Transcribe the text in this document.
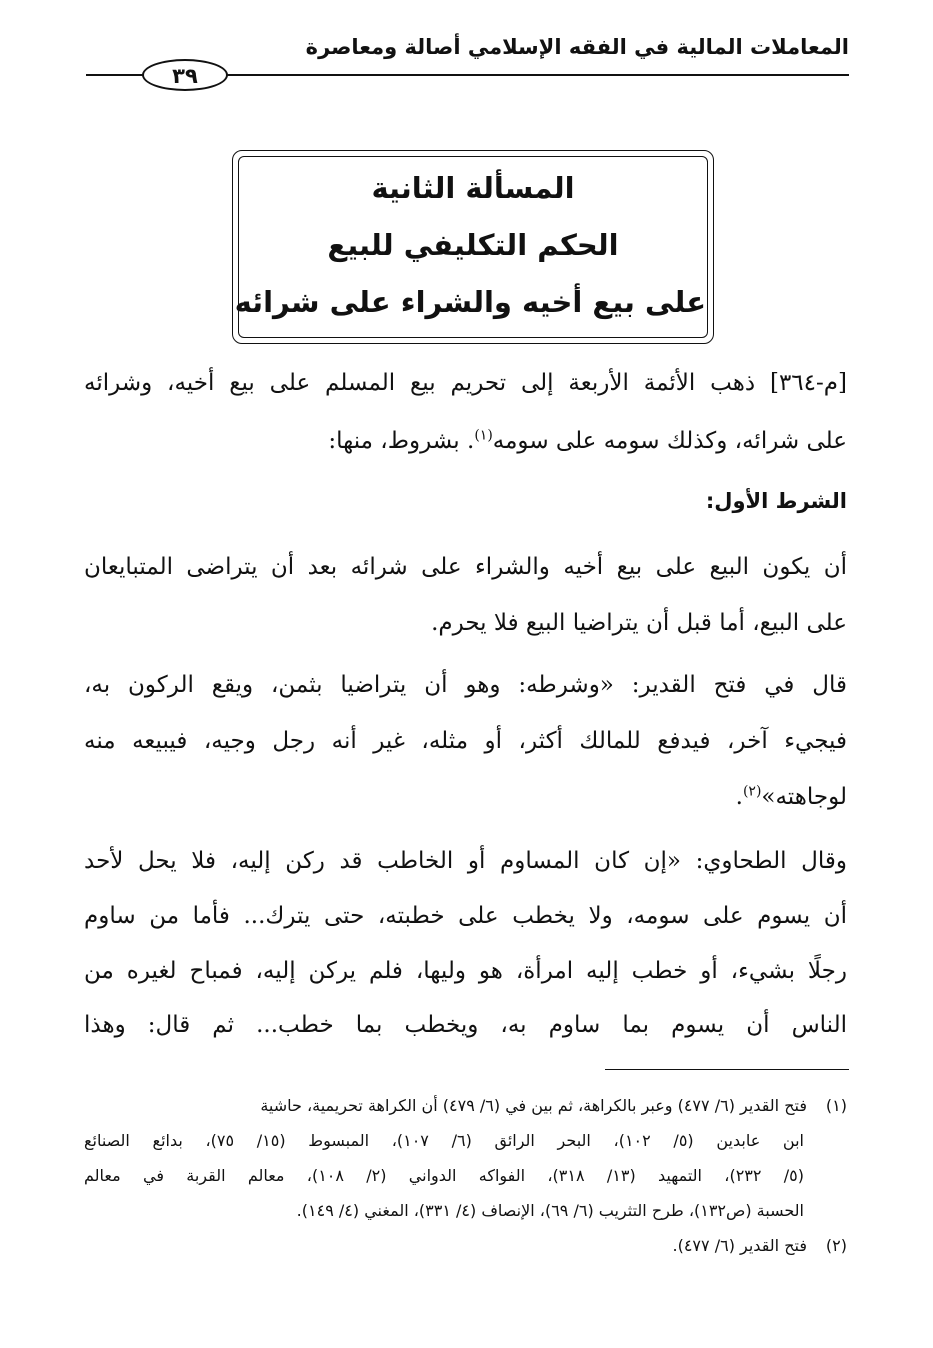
المعاملات المالية في الفقه الإسلامي أصالة ومعاصرة
٣٩
المسألة الثانية
الحكم التكليفي للبيع
على بيع أخيه والشراء على شرائه
[م-٣٦٤] ذهب الأئمة الأربعة إلى تحريم بيع المسلم على بيع أخيه، وشرائه
على شرائه، وكذلك سومه على سومه$^{(١)}$. بشروط، منها:
الشرط الأول:
أن يكون البيع على بيع أخيه والشراء على شرائه بعد أن يتراضى المتبايعان
على البيع، أما قبل أن يتراضيا البيع فلا يحرم.
قال في فتح القدير: «وشرطه: وهو أن يتراضيا بثمن، ويقع الركون به،
فيجيء آخر، فيدفع للمالك أكثر، أو مثله، غير أنه رجل وجيه، فيبيعه منه
لوجاهته»$^{(٢)}$.
وقال الطحاوي: «إن كان المساوم أو الخاطب قد ركن إليه، فلا يحل لأحد
أن يسوم على سومه، ولا يخطب على خطبته، حتى يترك... فأما من ساوم
رجلًا بشيء، أو خطب إليه امرأة، هو وليها، فلم يركن إليه، فمباح لغيره من
الناس أن يسوم بما ساوم به، ويخطب بما خطب... ثم قال: وهذا
(١)فتح القدير (٦/ ٤٧٧) وعبر بالكراهة، ثم بين في (٦/ ٤٧٩) أن الكراهة تحريمية، حاشية
ابن عابدين (٥/ ١٠٢)، البحر الرائق (٦/ ١٠٧)، المبسوط (١٥/ ٧٥)، بدائع الصنائع
(٥/ ٢٣٢)، التمهيد (١٣/ ٣١٨)، الفواكه الدواني (٢/ ١٠٨)، معالم القربة في معالم
الحسبة (ص١٣٢)، طرح التثريب (٦/ ٦٩)، الإنصاف (٤/ ٣٣١)، المغني (٤/ ١٤٩).
(٢)فتح القدير (٦/ ٤٧٧).
